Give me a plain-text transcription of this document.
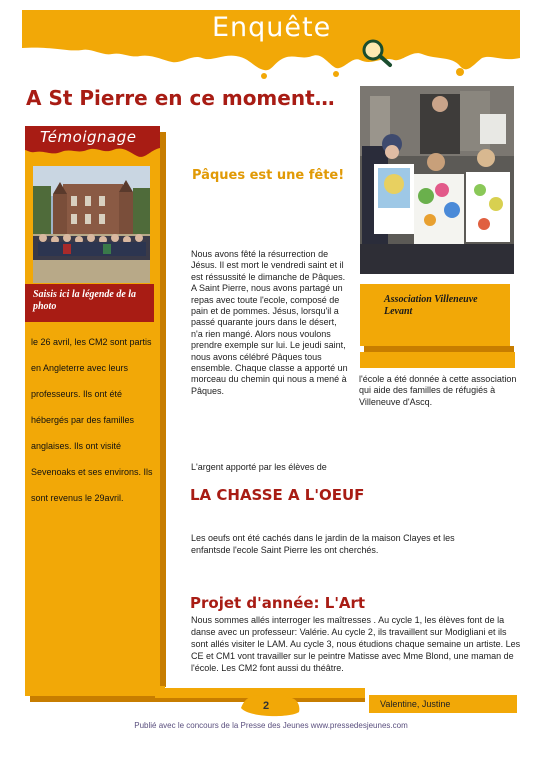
Enquête
A St Pierre en ce moment…
Témoignage
Saisis ici la légende de la photo
le 26 avril, les CM2 sont partis en Angleterre avec leurs professeurs. Ils ont été hébergés par des familles anglaises. Ils ont visité Sevenoaks et ses environs. Ils sont revenus le 29avril.
Pâques est une fête!
Nous avons fêté la résurrection de Jésus. Il est mort le vendredi saint et il est réssussité le dimanche de Pâques. A Saint Pierre, nous avons partagé un repas avec toute l'ecole, composé de pain et de pommes. Jésus, lorsqu'il a passé quarante jours dans le désert, n'a rien mangé. Alors nous voulons prendre exemple sur lui. Le jeudi saint, nous avons célébré Pâques tous ensemble. Chaque classe a apporté un morceau du chemin qui nous a mené à Pâques.
L'argent apporté par les élèves de
Association Villeneuve Levant
l'école a été donnée à cette association qui aide des familles de réfugiés à Villeneuve d'Ascq.
LA CHASSE A L'OEUF
Les oeufs ont été cachés dans le jardin de la maison Clayes et les enfantsde l'ecole Saint Pierre les ont cherchés.
Projet d'année: L'Art
Nous sommes allés interroger les maîtresses . Au cycle 1, les élèves font de la danse avec un professeur: Valérie. Au cycle 2, ils travaillent sur Modigliani et ils sont allés visiter le LAM. Au cycle 3, nous étudions chaque semaine un artiste. Les CE et CM1 vont travailler sur le peintre Matisse avec Mme Blond, une maman de l'école. Les CM2 font aussi du théâtre.
2	Valentine, Justine
Publié avec le concours de la Presse des Jeunes www.pressedesjeunes.com
